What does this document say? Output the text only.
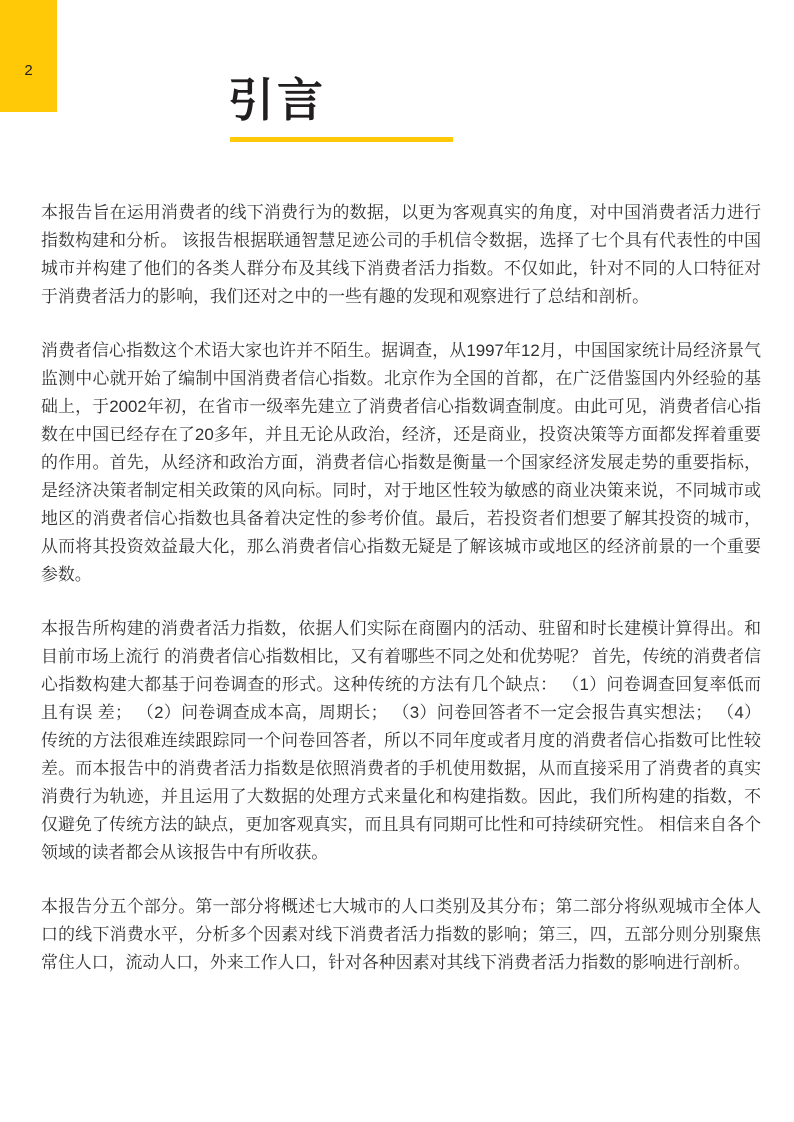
2
引言

本报告旨在运用消费者的线下消费行为的数据，以更为客观真实的角度，对中国消费者活力进行指数构建和分析。 该报告根据联通智慧足迹公司的手机信令数据，选择了七个具有代表性的中国城市并构建了他们的各类人群分布及其线下消费者活力指数。不仅如此，针对不同的人口特征对于消费者活力的影响，我们还对之中的一些有趣的发现和观察进行了总结和剖析。

消费者信心指数这个术语大家也许并不陌生。据调查，从1997年12月，中国国家统计局经济景气监测中心就开始了编制中国消费者信心指数。北京作为全国的首都，在广泛借鉴国内外经验的基础上，于2002年初，在省市一级率先建立了消费者信心指数调查制度。由此可见，消费者信心指数在中国已经存在了20多年，并且无论从政治，经济，还是商业，投资决策等方面都发挥着重要的作用。首先，从经济和政治方面，消费者信心指数是衡量一个国家经济发展走势的重要指标，是经济决策者制定相关政策的风向标。同时，对于地区性较为敏感的商业决策来说，不同城市或地区的消费者信心指数也具备着决定性的参考价值。最后，若投资者们想要了解其投资的城市，从而将其投资效益最大化，那么消费者信心指数无疑是了解该城市或地区的经济前景的一个重要参数。

本报告所构建的消费者活力指数，依据人们实际在商圈内的活动、驻留和时长建模计算得出。和目前市场上流行 的消费者信心指数相比，又有着哪些不同之处和优势呢？ 首先，传统的消费者信心指数构建大都基于问卷调查的形式。这种传统的方法有几个缺点： （1）问卷调查回复率低而且有误 差； （2）问卷调查成本高，周期长； （3）问卷回答者不一定会报告真实想法； （4）传统的方法很难连续跟踪同一个问卷回答者，所以不同年度或者月度的消费者信心指数可比性较差。而本报告中的消费者活力指数是依照消费者的手机使用数据，从而直接采用了消费者的真实消费行为轨迹，并且运用了大数据的处理方式来量化和构建指数。因此，我们所构建的指数，不仅避免了传统方法的缺点，更加客观真实，而且具有同期可比性和可持续研究性。 相信来自各个领域的读者都会从该报告中有所收获。

本报告分五个部分。第一部分将概述七大城市的人口类别及其分布；第二部分将纵观城市全体人口的线下消费水平，分析多个因素对线下消费者活力指数的影响；第三，四，五部分则分别聚焦常住人口，流动人口，外来工作人口，针对各种因素对其线下消费者活力指数的影响进行剖析。
